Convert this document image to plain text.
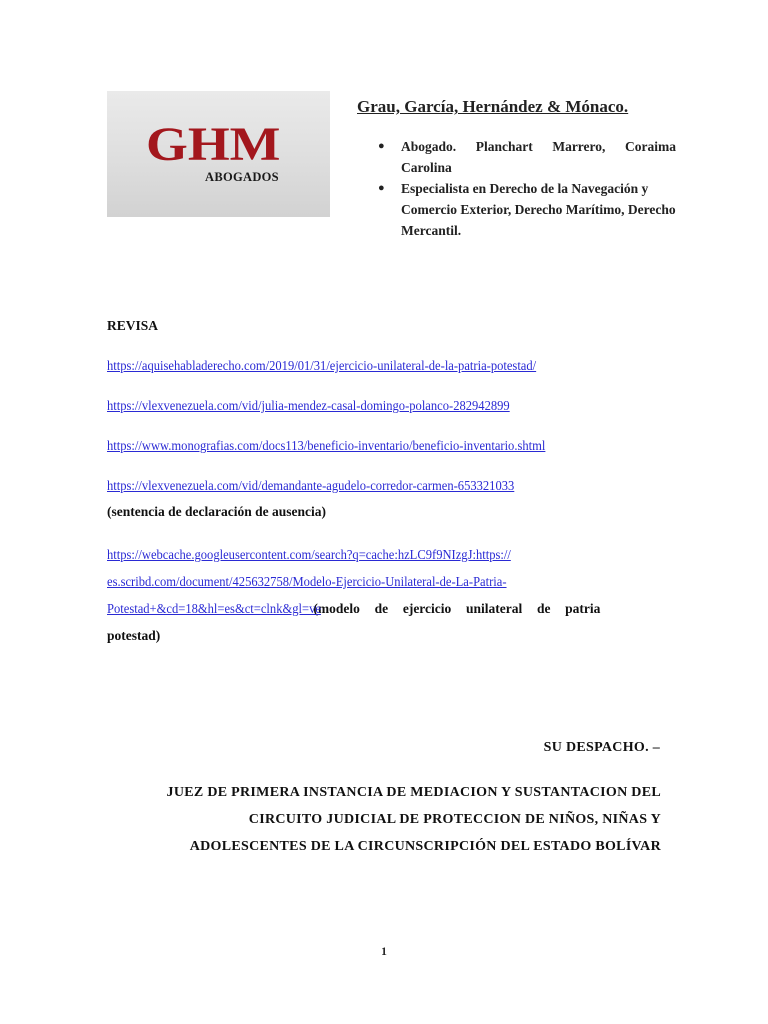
GHM
ABOGADOS
Grau, García, Hernández & Mónaco.
● Abogado. Planchart Marrero, Coraima Carolina
● Especialista en Derecho de la Navegación y Comercio Exterior, Derecho Marítimo, Derecho Mercantil.
REVISA
https://aquisehabladerecho.com/2019/01/31/ejercicio-unilateral-de-la-patria-potestad/
https://vlexvenezuela.com/vid/julia-mendez-casal-domingo-polanco-282942899
https://www.monografias.com/docs113/beneficio-inventario/beneficio-inventario.shtml
https://vlexvenezuela.com/vid/demandante-agudelo-corredor-carmen-653321033
(sentencia de declaración de ausencia)
https://webcache.googleusercontent.com/search?q=cache:hzLC9f9NIzgJ:https://
es.scribd.com/document/425632758/Modelo-Ejercicio-Unilateral-de-La-Patria-
Potestad+&cd=18&hl=es&ct=clnk&gl=ve (modelo de ejercicio unilateral de patria
potestad)
SU DESPACHO. –
JUEZ DE PRIMERA INSTANCIA DE MEDIACION Y SUSTANTACION DEL
CIRCUITO JUDICIAL DE PROTECCION DE NIÑOS, NIÑAS Y
ADOLESCENTES DE LA CIRCUNSCRIPCIÓN DEL ESTADO BOLÍVAR
1
